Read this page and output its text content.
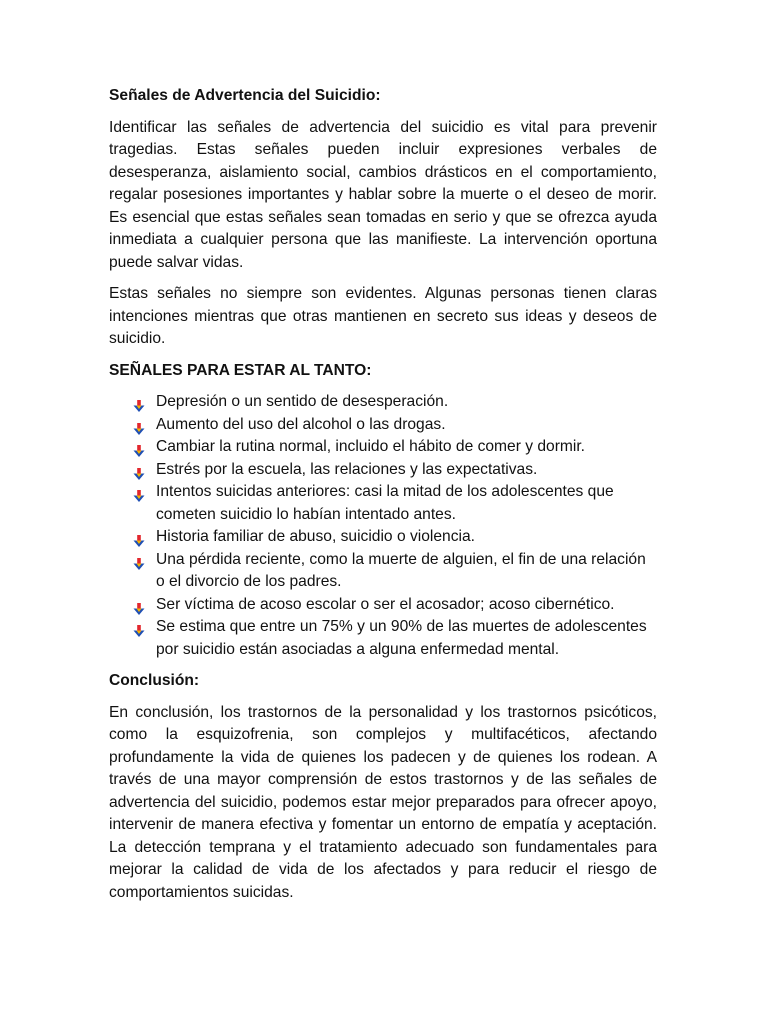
Señales de Advertencia del Suicidio:

Identificar las señales de advertencia del suicidio es vital para prevenir tragedias. Estas señales pueden incluir expresiones verbales de desesperanza, aislamiento social, cambios drásticos en el comportamiento, regalar posesiones importantes y hablar sobre la muerte o el deseo de morir. Es esencial que estas señales sean tomadas en serio y que se ofrezca ayuda inmediata a cualquier persona que las manifieste. La intervención oportuna puede salvar vidas.

Estas señales no siempre son evidentes. Algunas personas tienen claras intenciones mientras que otras mantienen en secreto sus ideas y deseos de suicidio.

SEÑALES PARA ESTAR AL TANTO:

Depresión o un sentido de desesperación.
Aumento del uso del alcohol o las drogas.
Cambiar la rutina normal, incluido el hábito de comer y dormir.
Estrés por la escuela, las relaciones y las expectativas.
Intentos suicidas anteriores: casi la mitad de los adolescentes que cometen suicidio lo habían intentado antes.
Historia familiar de abuso, suicidio o violencia.
Una pérdida reciente, como la muerte de alguien, el fin de una relación o el divorcio de los padres.
Ser víctima de acoso escolar o ser el acosador; acoso cibernético.
Se estima que entre un 75% y un 90% de las muertes de adolescentes por suicidio están asociadas a alguna enfermedad mental.

Conclusión:

En conclusión, los trastornos de la personalidad y los trastornos psicóticos, como la esquizofrenia, son complejos y multifacéticos, afectando profundamente la vida de quienes los padecen y de quienes los rodean. A través de una mayor comprensión de estos trastornos y de las señales de advertencia del suicidio, podemos estar mejor preparados para ofrecer apoyo, intervenir de manera efectiva y fomentar un entorno de empatía y aceptación. La detección temprana y el tratamiento adecuado son fundamentales para mejorar la calidad de vida de los afectados y para reducir el riesgo de comportamientos suicidas.
